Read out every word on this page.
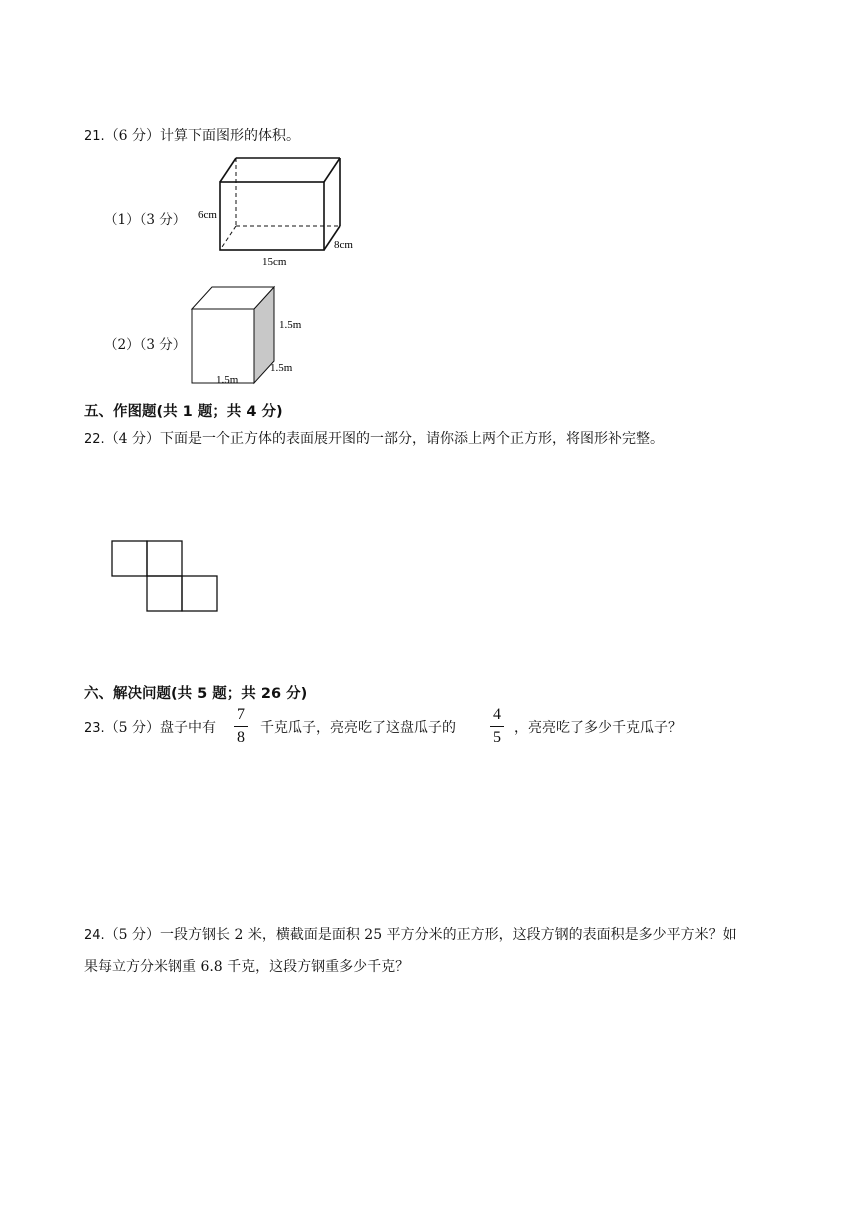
21.（6 分）计算下面图形的体积。
（1）（3 分） 6cm
15cm
8cm
（2）（3 分）
1.5m
1.5m
1.5m
五、作图题(共 1 题；共 4 分)
22.（4 分）下面是一个正方体的表面展开图的一部分，请你添上两个正方形，将图形补完整。
六、解决问题(共 5 题；共 26 分)
23.（5 分）盘子中有
7
8
千克瓜子，亮亮吃了这盘瓜子的
4
5
，亮亮吃了多少千克瓜子？
24.（5 分）一段方钢长 2 米，横截面是面积 25 平方分米的正方形，这段方钢的表面积是多少平方米？如
果每立方分米钢重 6.8 千克，这段方钢重多少千克？
